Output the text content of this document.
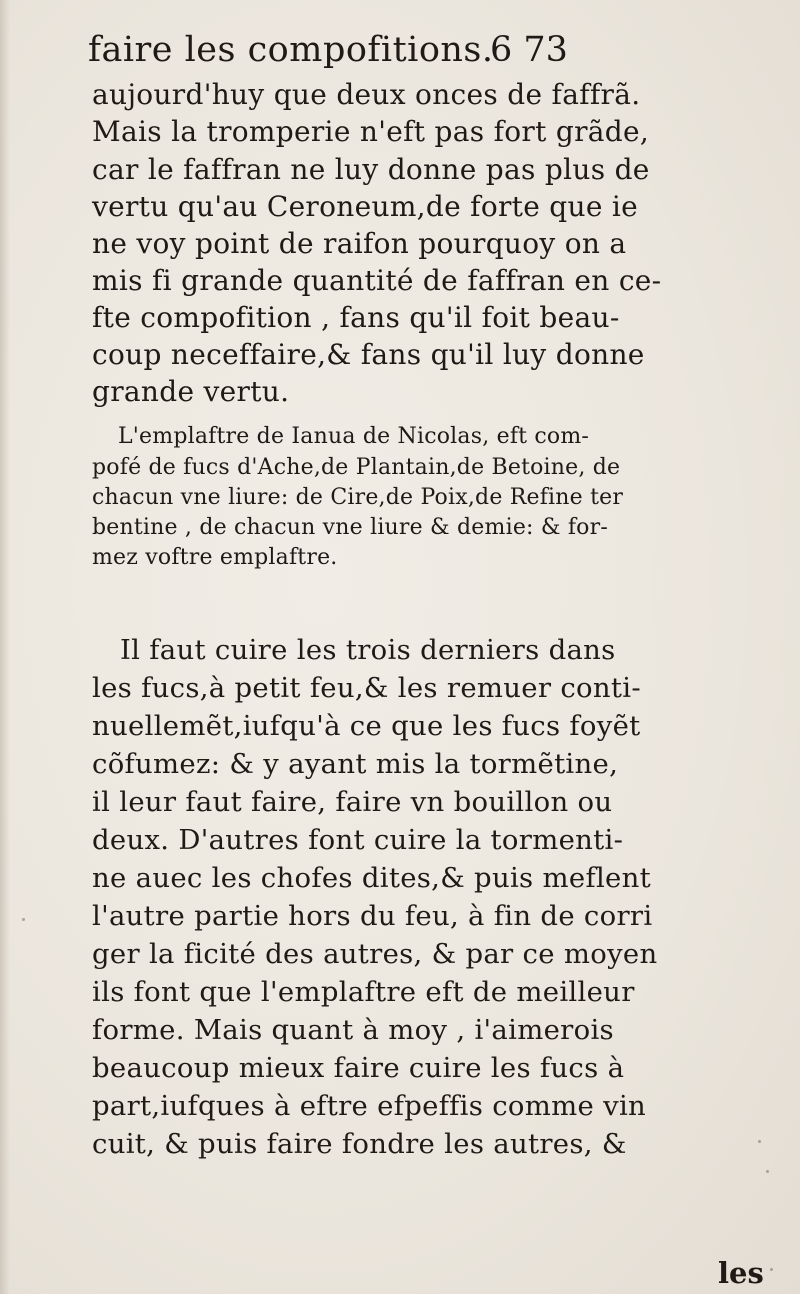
faire les compofitions.
6 73
aujourd'huy que deux onces de faffrã.
Mais la tromperie n'eft pas fort grãde,
car le faffran ne luy donne pas plus de
vertu qu'au Ceroneum,de forte que ie
ne voy point de raifon pourquoy on a
mis fi grande quantité de faffran en ce-
fte compofition , fans qu'il foit beau-
coup neceffaire,& fans qu'il luy donne
grande vertu.
L'emplaftre de Ianua de Nicolas, eft com-
pofé de fucs d'Ache,de Plantain,de Betoine, de
chacun vne liure: de Cire,de Poix,de Refine ter
bentine , de chacun vne liure & demie: & for-
mez voftre emplaftre.
Il faut cuire les trois derniers dans
les fucs,à petit feu,& les remuer conti-
nuellemẽt,iufqu'à ce que les fucs foyẽt
cõfumez: & y ayant mis la tormẽtine,
il leur faut faire, faire vn bouillon ou
deux. D'autres font cuire la tormenti-
ne auec les chofes dites,& puis meflent
l'autre partie hors du feu, à fin de corri
ger la ficité des autres, & par ce moyen
ils font que l'emplaftre eft de meilleur
forme. Mais quant à moy , i'aimerois
beaucoup mieux faire cuire les fucs à
part,iufques à eftre efpeffis comme vin
cuit, & puis faire fondre les autres, &
les
